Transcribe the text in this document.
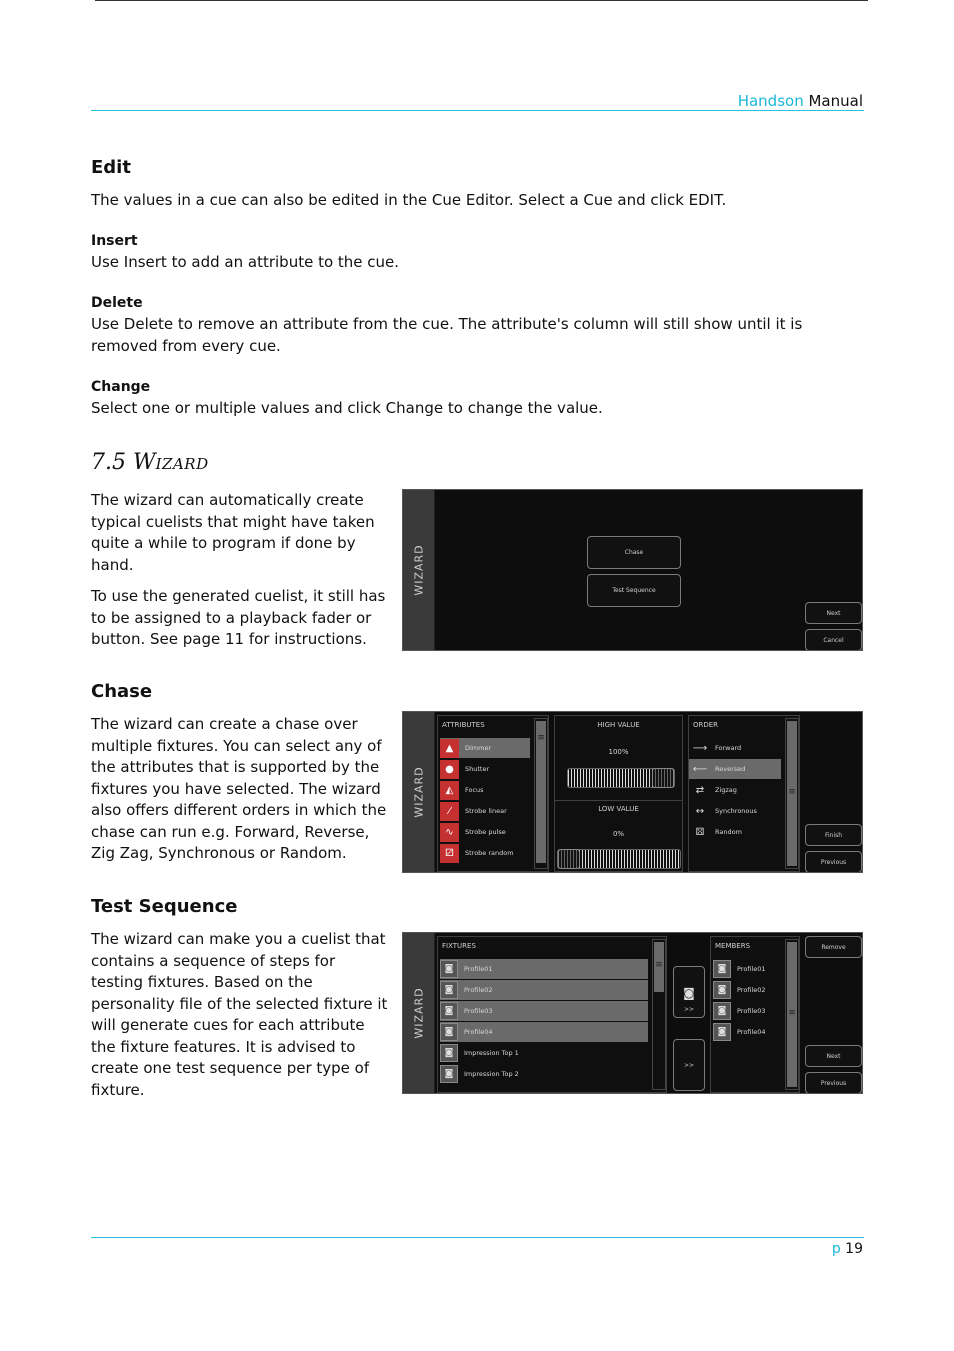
Handson Manual
Edit

The values in a cue can also be edited in the Cue Editor. Select a Cue and click EDIT.

Insert

Use Insert to add an attribute to the cue.

Delete

Use Delete to remove an attribute from the cue. The attribute's column will still show until it is removed from every cue.

Change

Select one or multiple values and click Change to change the value.

7.5 WIZARD

The wizard can automatically create typical cuelists that might have taken quite a while to program if done by hand.

To use the generated cuelist, it still has to be assigned to a playback fader or button. See page 11 for instructions.

WIZARD	Chase
Test Sequence
Next
Cancel
Chase

The wizard can create a chase over multiple fixtures. You can select any of the attributes that is supported by the fixtures you have selected. The wizard also offers different orders in which the chase can run e.g. Forward, Reverse, Zig Zag, Synchronous or Random.

WIZARD
ATTRIBUTES
▲	Dimmer
●	Shutter
◭	Focus
⁄	Strobe linear
∿	Strobe pulse
⚂	Strobe random
≡
HIGH VALUE
100%
LOW VALUE
0%
ORDER
⟶	Forward
⟵	Reversed
⇄	Zigzag
↔	Synchronous
⚄	Random
≡
Finish
Previous
Test Sequence

The wizard can make you a cuelist that contains a sequence of steps for testing fixtures. Based on the personality file of the selected fixture it will generate cues for each attribute the fixture features. It is advised to create one test sequence per type of fixture.

WIZARD
FIXTURES
◙	Profile01
◙	Profile02
◙	Profile03
◙	Profile04
◙	Impression Top 1
◙	Impression Top 2
≡
◙
>>
>>
MEMBERS
◙	Profile01
◙	Profile02
◙	Profile03
◙	Profile04
≡
Remove
Next
Previous
p 19
